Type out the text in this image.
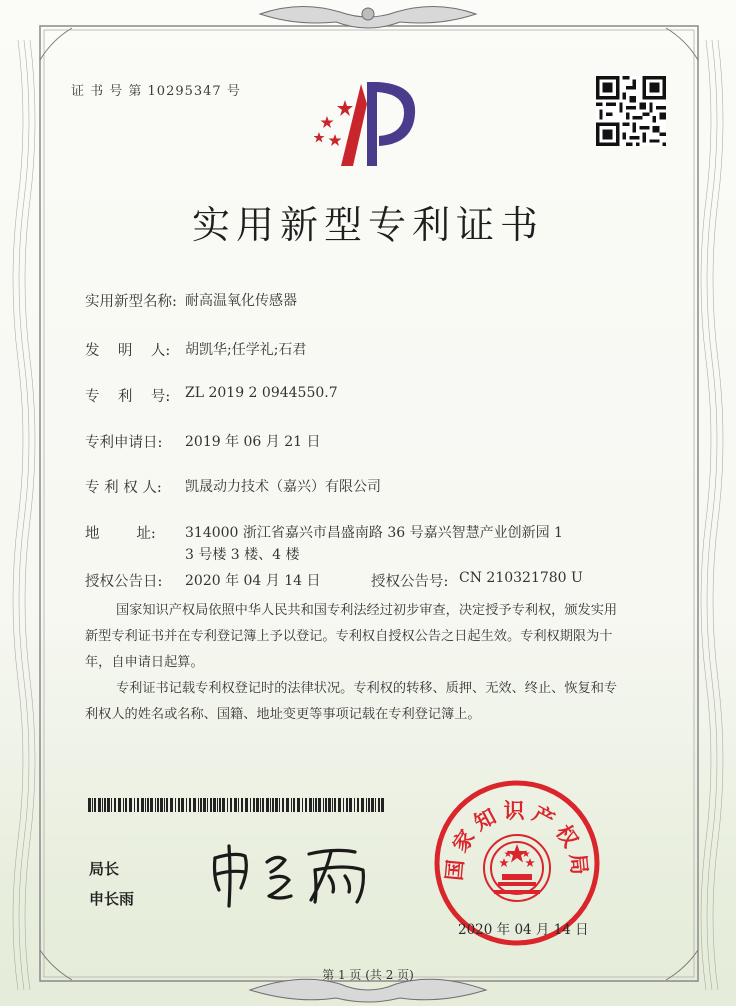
证 书 号 第 10295347 号
实用新型专利证书
实用新型名称: 耐高温氧化传感器
发    明    人: 胡凯华;任学礼;石君
专    利    号: ZL 2019 2 0944550.7
专利申请日: 2019 年 06 月 21 日
专 利 权 人: 凯晟动力技术（嘉兴）有限公司
地        址: 314000 浙江省嘉兴市昌盛南路 36 号嘉兴智慧产业创新园 1
3 号楼 3 楼、4 楼
授权公告日: 2020 年 04 月 14 日	授权公告号: CN 210321780 U
国家知识产权局依照中华人民共和国专利法经过初步审查，决定授予专利权，颁发实用
新型专利证书并在专利登记簿上予以登记。专利权自授权公告之日起生效。专利权期限为十
年，自申请日起算。
专利证书记载专利权登记时的法律状况。专利权的转移、质押、无效、终止、恢复和专
利权人的姓名或名称、国籍、地址变更等事项记载在专利登记簿上。
局长
申长雨
国家知识产权局
2020 年 04 月 14 日
第 1 页 (共 2 页)
